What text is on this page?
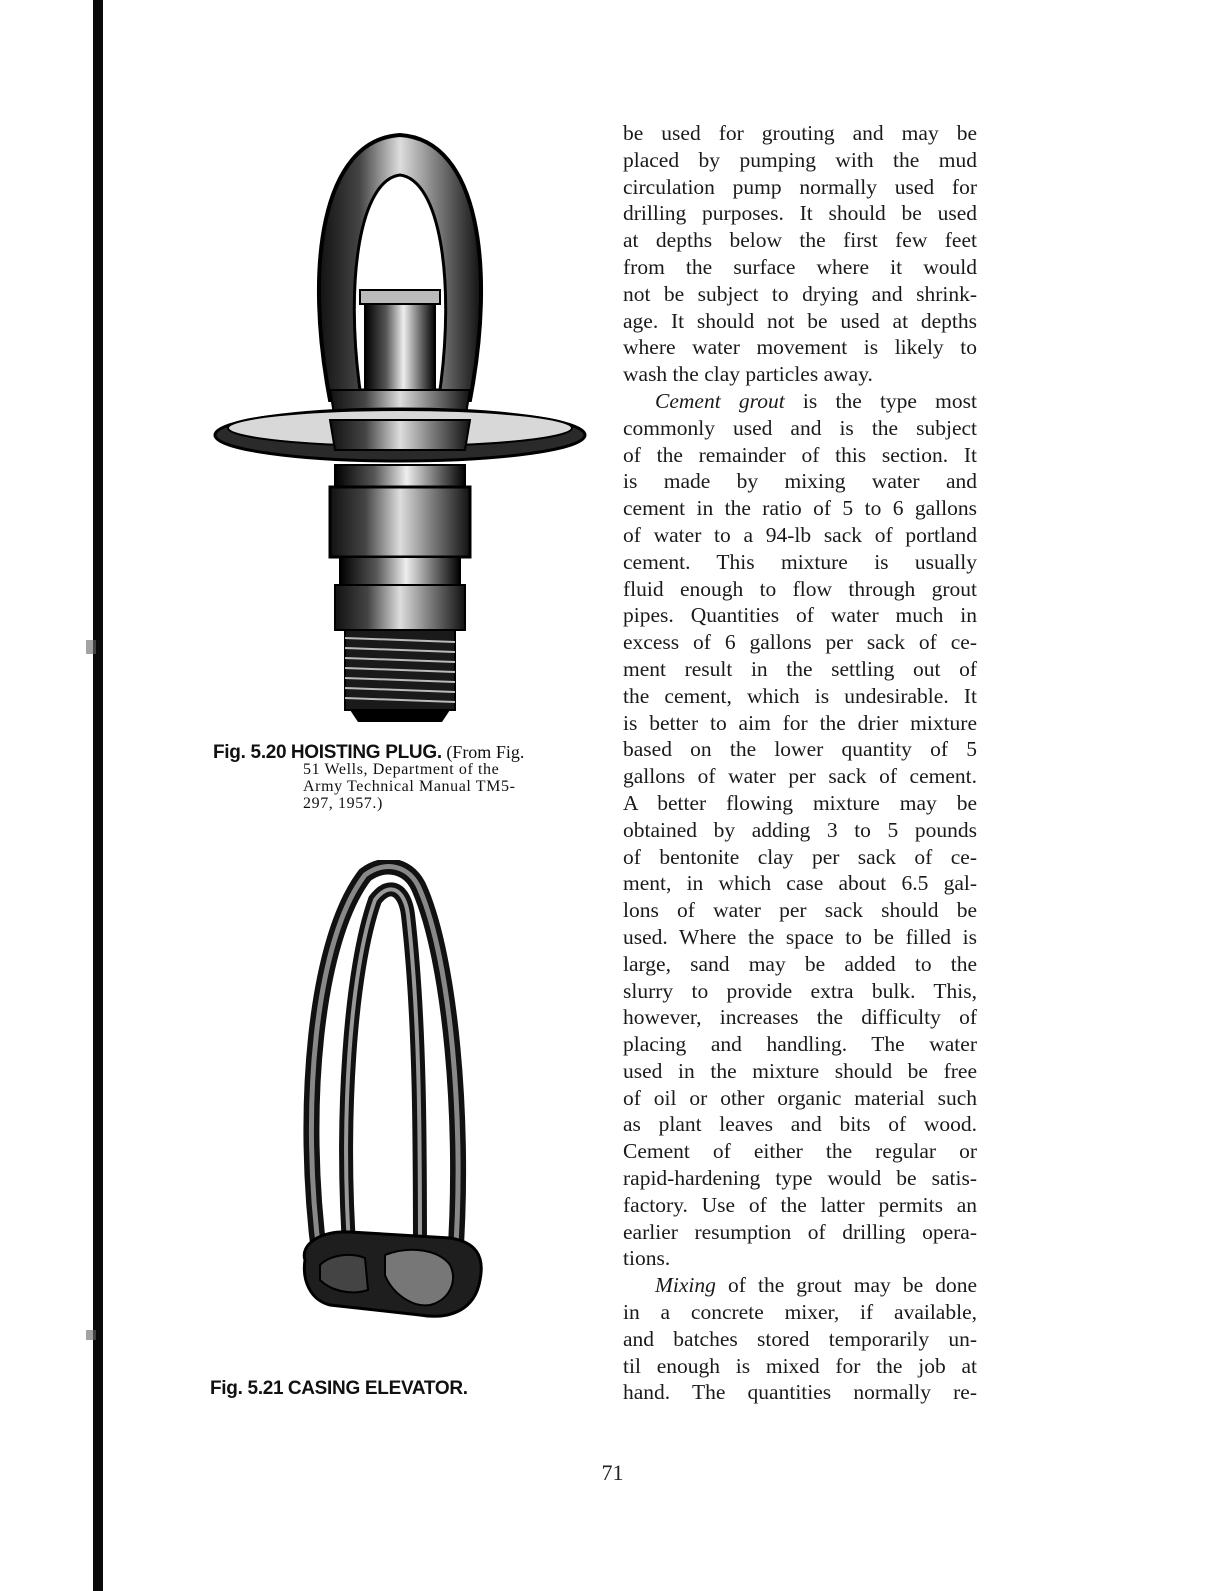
Fig. 5.20 HOISTING PLUG. (From Fig.
51 Wells, Department of the
Army Technical Manual TM5-
297, 1957.)
Fig. 5.21 CASING ELEVATOR.
be used for grouting and may be
placed by pumping with the mud
circulation pump normally used for
drilling purposes. It should be used
at depths below the first few feet
from the surface where it would
not be subject to drying and shrink-
age. It should not be used at depths
where water movement is likely to
wash the clay particles away.
Cement grout is the type most
commonly used and is the subject
of the remainder of this section. It
is made by mixing water and
cement in the ratio of 5 to 6 gallons
of water to a 94-lb sack of portland
cement. This mixture is usually
fluid enough to flow through grout
pipes. Quantities of water much in
excess of 6 gallons per sack of ce-
ment result in the settling out of
the cement, which is undesirable. It
is better to aim for the drier mixture
based on the lower quantity of 5
gallons of water per sack of cement.
A better flowing mixture may be
obtained by adding 3 to 5 pounds
of bentonite clay per sack of ce-
ment, in which case about 6.5 gal-
lons of water per sack should be
used. Where the space to be filled is
large, sand may be added to the
slurry to provide extra bulk. This,
however, increases the difficulty of
placing and handling. The water
used in the mixture should be free
of oil or other organic material such
as plant leaves and bits of wood.
Cement of either the regular or
rapid-hardening type would be satis-
factory. Use of the latter permits an
earlier resumption of drilling opera-
tions.
Mixing of the grout may be done
in a concrete mixer, if available,
and batches stored temporarily un-
til enough is mixed for the job at
hand. The quantities normally re-
71
